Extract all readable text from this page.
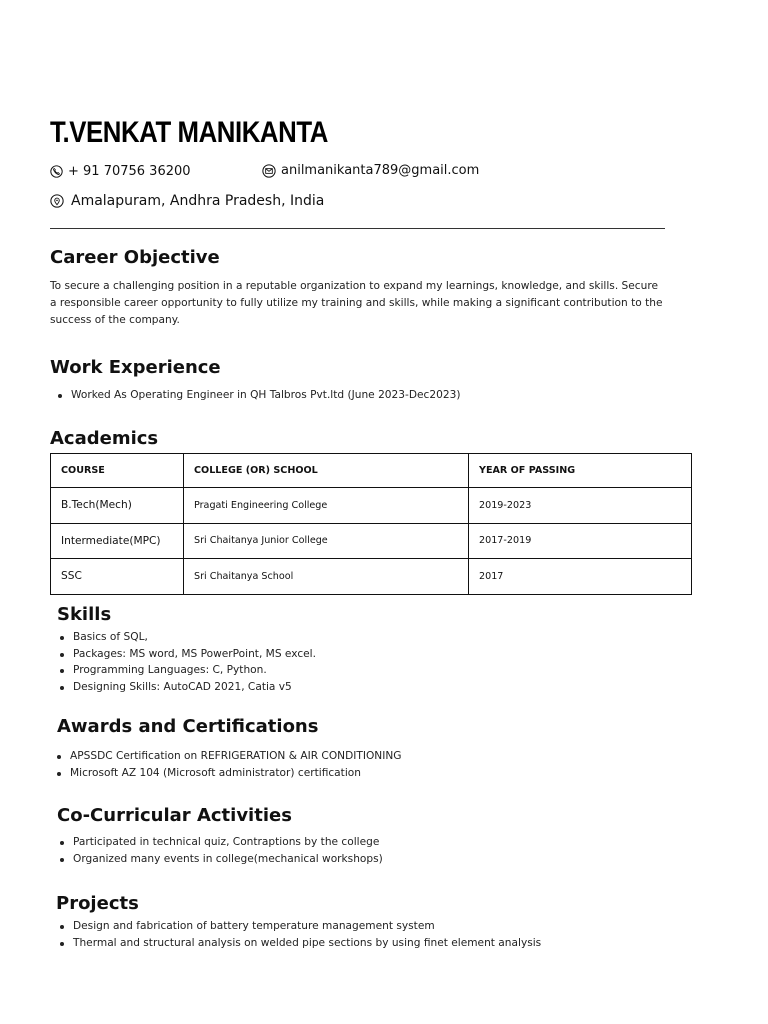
T.VENKAT MANIKANTA
+ 91 70756 36200	anilmanikanta789@gmail.com
Amalapuram, Andhra Pradesh, India
Career Objective
To secure a challenging position in a reputable organization to expand my learnings, knowledge, and skills. Secure
a responsible career opportunity to fully utilize my training and skills, while making a significant contribution to the
success of the company.
Work Experience
Worked As Operating Engineer in QH Talbros Pvt.ltd (June 2023-Dec2023)
Academics
COURSE	COLLEGE (OR) SCHOOL	YEAR OF PASSING
B.Tech(Mech)	Pragati Engineering College	2019-2023
Intermediate(MPC)	Sri Chaitanya Junior College	2017-2019
SSC	Sri Chaitanya School	2017
Skills
Basics of SQL,
Packages: MS word, MS PowerPoint, MS excel.
Programming Languages: C, Python.
Designing Skills: AutoCAD 2021, Catia v5
Awards and Certifications
APSSDC Certification on REFRIGERATION & AIR CONDITIONING
Microsoft AZ 104 (Microsoft administrator) certification
Co-Curricular Activities
Participated in technical quiz, Contraptions by the college
Organized many events in college(mechanical workshops)
Projects
Design and fabrication of battery temperature management system
Thermal and structural analysis on welded pipe sections by using finet element analysis
